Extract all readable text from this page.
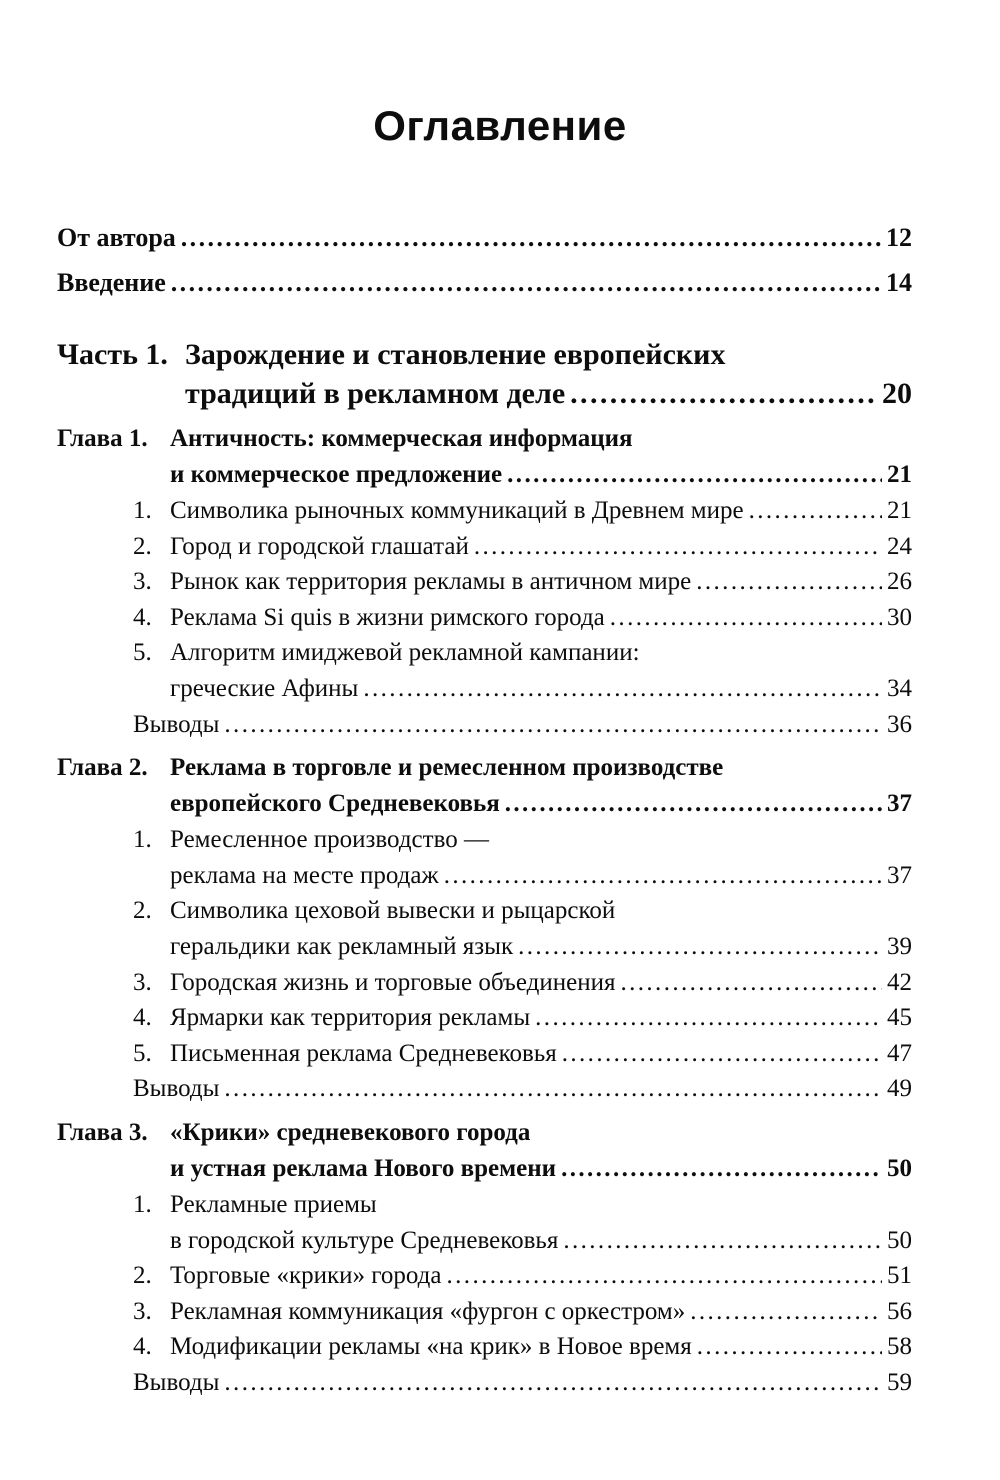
Оглавление
От автора .....	12
Введение .....	14
Часть 1. Зарождение и становление европейских
традиций в рекламном деле .....	20
Глава 1. Античность: коммерческая информация
и коммерческое предложение .....	21
1. Символика рыночных коммуникаций в Древнем мире .....	21
2. Город и городской глашатай .....	24
3. Рынок как территория рекламы в античном мире .....	26
4. Реклама Si quis в жизни римского города .....	30
5. Алгоритм имиджевой рекламной кампании:
греческие Афины .....	34
Выводы .....	36
Глава 2. Реклама в торговле и ремесленном производстве
европейского Средневековья .....	37
1. Ремесленное производство —
реклама на месте продаж .....	37
2. Символика цеховой вывески и рыцарской
геральдики как рекламный язык .....	39
3. Городская жизнь и торговые объединения .....	42
4. Ярмарки как территория рекламы .....	45
5. Письменная реклама Средневековья .....	47
Выводы .....	49
Глава 3. «Крики» средневекового города
и устная реклама Нового времени .....	50
1. Рекламные приемы
в городской культуре Средневековья .....	50
2. Торговые «крики» города .....	51
3. Рекламная коммуникация «фургон с оркестром» .....	56
4. Модификации рекламы «на крик» в Новое время .....	58
Выводы .....	59
